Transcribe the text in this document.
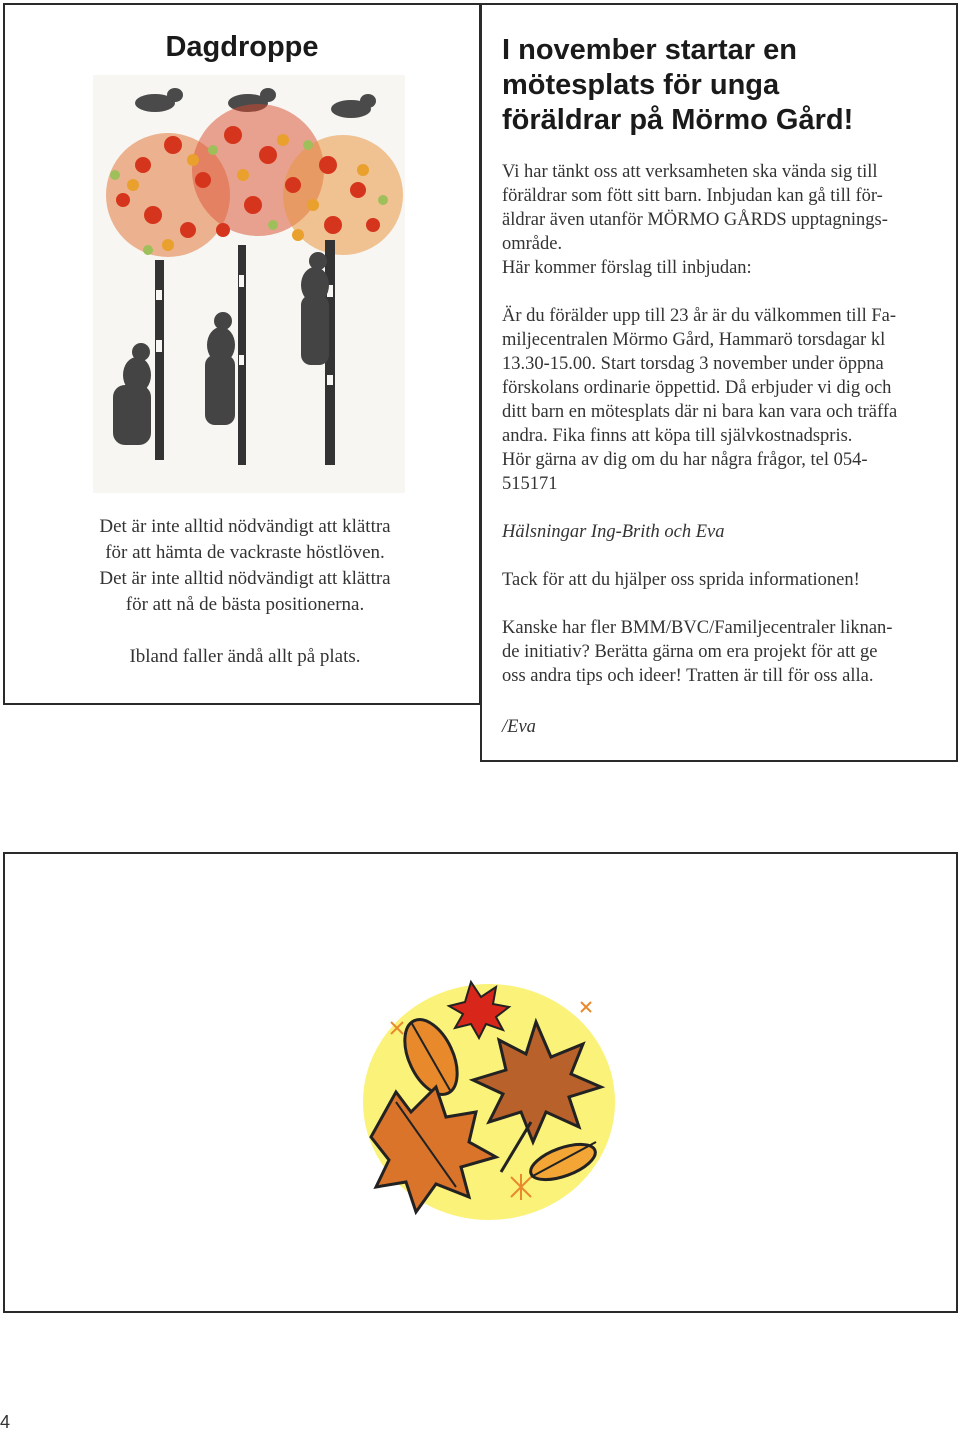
Dagdroppe

Det är inte alltid nödvändigt att klättra

för att hämta de vackraste höstlöven.

Det är inte alltid nödvändigt att klättra

för att nå de bästa positionerna.

Ibland faller ändå allt på plats.

I november startar en
mötesplats för unga
föräldrar på Mörmo Gård!
Vi har tänkt oss att verksamheten ska vända sig till
föräldrar som fött sitt barn. Inbjudan kan gå till för-
äldrar även utanför MÖRMO GÅRDS upptagnings-
område.
Här kommer förslag till inbjudan:
Är du förälder upp till 23 år är du välkommen till Fa-
miljecentralen Mörmo Gård, Hammarö torsdagar kl
13.30-15.00. Start torsdag 3 november under öppna
förskolans ordinarie öppettid. Då erbjuder vi dig och
ditt barn en mötesplats där ni bara kan vara och träffa
andra. Fika finns att köpa till självkostnadspris.
Hör gärna av dig om du har några frågor, tel 054-
515171

Hälsningar Ing-Brith och Eva

Tack för att du hjälper oss sprida informationen!

Kanske har fler BMM/BVC/Familjecentraler liknan-
de initiativ? Berätta gärna om era projekt för att ge
oss andra tips och ideer! Tratten är till för oss alla.

/Eva

4
